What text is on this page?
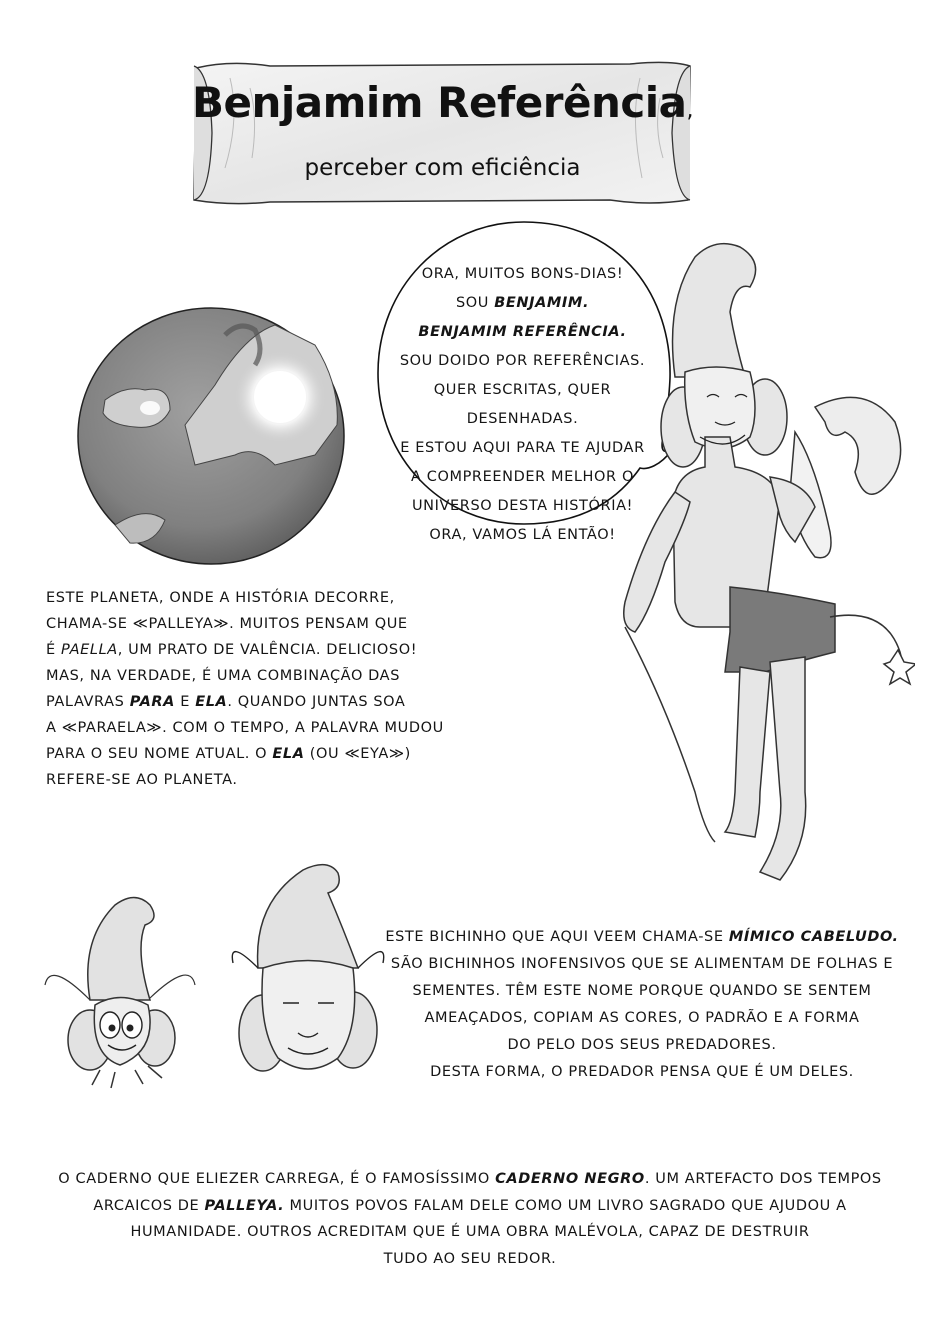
Benjamim Referência,
perceber com eficiência
ORA, MUITOS BONS-DIAS!
SOU BENJAMIM.
BENJAMIM REFERÊNCIA.
SOU DOIDO POR REFERÊNCIAS.
QUER ESCRITAS, QUER DESENHADAS.
E ESTOU AQUI PARA TE AJUDAR
A COMPREENDER MELHOR O
UNIVERSO DESTA HISTÓRIA!
ORA, VAMOS LÁ ENTÃO!
ESTE PLANETA, ONDE A HISTÓRIA DECORRE,
CHAMA-SE ≪PALLEYA≫. MUITOS PENSAM QUE
É PAELLA, UM PRATO DE VALÊNCIA. DELICIOSO!
MAS, NA VERDADE, É UMA COMBINAÇÃO DAS
PALAVRAS PARA E ELA. QUANDO JUNTAS SOA
A ≪PARAELA≫. COM O TEMPO, A PALAVRA MUDOU
PARA O SEU NOME ATUAL. O ELA (OU ≪EYA≫)
REFERE-SE AO PLANETA.
ESTE BICHINHO QUE AQUI VEEM CHAMA-SE MÍMICO CABELUDO.
SÃO BICHINHOS INOFENSIVOS QUE SE ALIMENTAM DE FOLHAS E
SEMENTES. TÊM ESTE NOME PORQUE QUANDO SE SENTEM
AMEAÇADOS, COPIAM AS CORES, O PADRÃO E A FORMA
DO PELO DOS SEUS PREDADORES.
DESTA FORMA, O PREDADOR PENSA QUE É UM DELES.
O CADERNO QUE ELIEZER CARREGA, É O FAMOSÍSSIMO CADERNO NEGRO. UM ARTEFACTO DOS TEMPOS
ARCAICOS DE PALLEYA. MUITOS POVOS FALAM DELE COMO UM LIVRO SAGRADO QUE AJUDOU A
HUMANIDADE. OUTROS ACREDITAM QUE É UMA OBRA MALÉVOLA, CAPAZ DE DESTRUIR
TUDO AO SEU REDOR.
